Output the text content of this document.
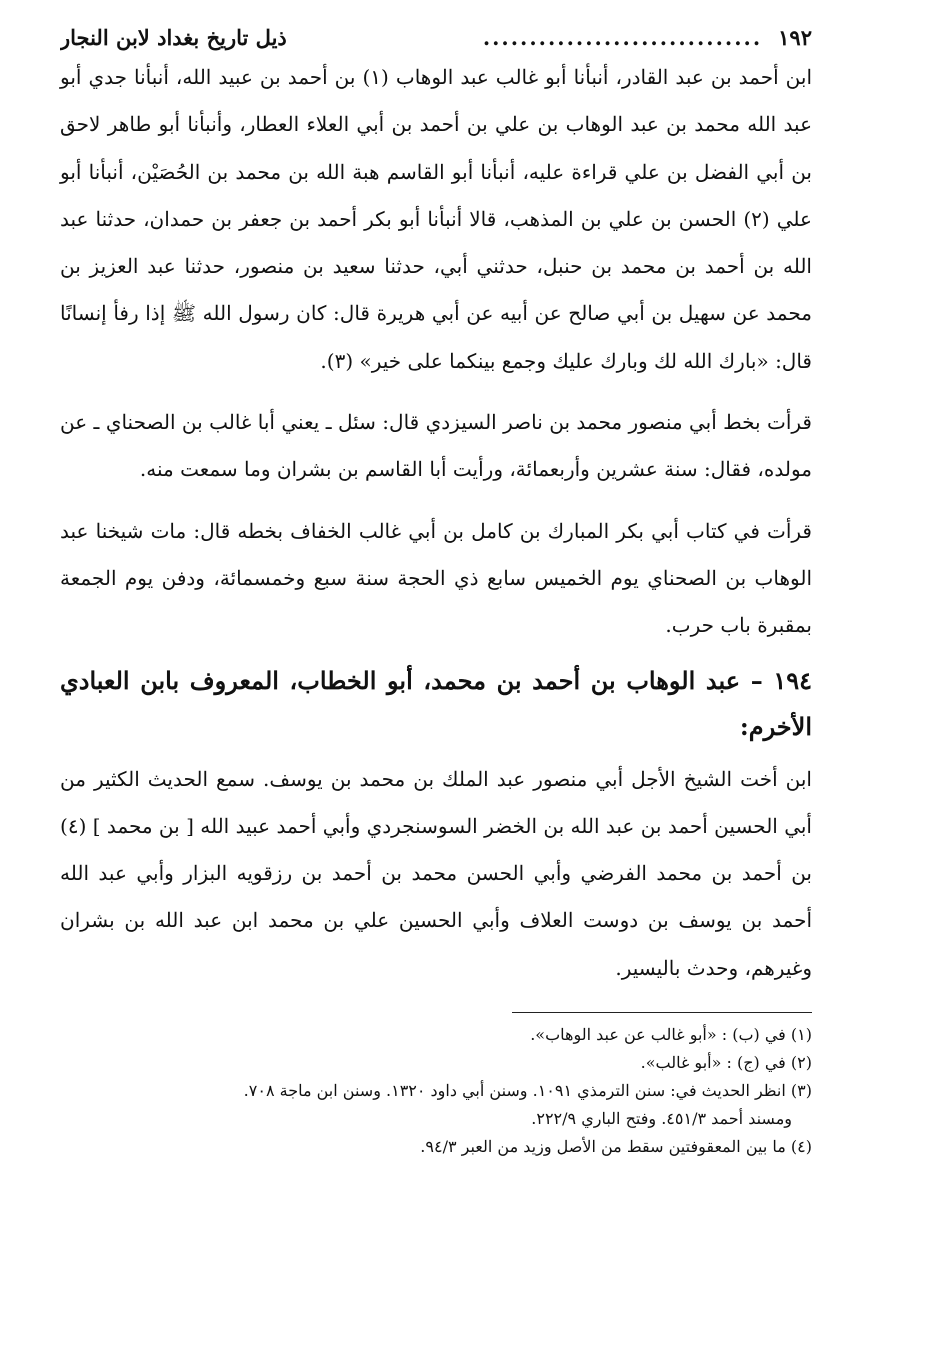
١٩٢
..............................
ذيل تاريخ بغداد لابن النجار

ابن أحمد بن عبد القادر، أنبأنا أبو غالب عبد الوهاب (١) بن أحمد بن عبيد الله، أنبأنا جدي أبو عبد الله محمد بن عبد الوهاب بن علي بن أحمد بن أبي العلاء العطار، وأنبأنا أبو طاهر لاحق بن أبي الفضل بن علي قراءة عليه، أنبأنا أبو القاسم هبة الله بن محمد بن الحُصَيْن، أنبأنا أبو علي (٢) الحسن بن علي بن المذهب، قالا أنبأنا أبو بكر أحمد بن جعفر بن حمدان، حدثنا عبد الله بن أحمد بن محمد بن حنبل، حدثني أبي، حدثنا سعيد بن منصور، حدثنا عبد العزيز بن محمد عن سهيل بن أبي صالح عن أبيه عن أبي هريرة قال: كان رسول الله ﷺ إذا رفأ إنسانًا قال: «بارك الله لك وبارك عليك وجمع بينكما على خير» (٣).

قرأت بخط أبي منصور محمد بن ناصر السيزدي قال: سئل ـ يعني أبا غالب بن الصحناي ـ عن مولده، فقال: سنة عشرين وأربعمائة، ورأيت أبا القاسم بن بشران وما سمعت منه.

قرأت في كتاب أبي بكر المبارك بن كامل بن أبي غالب الخفاف بخطه قال: مات شيخنا عبد الوهاب بن الصحناي يوم الخميس سابع ذي الحجة سنة سبع وخمسمائة، ودفن يوم الجمعة بمقبرة باب حرب.

١٩٤ – عبد الوهاب بن أحمد بن محمد، أبو الخطاب، المعروف بابن العبادي الأخرم:

ابن أخت الشيخ الأجل أبي منصور عبد الملك بن محمد بن يوسف. سمع الحديث الكثير من أبي الحسين أحمد بن عبد الله بن الخضر السوسنجردي وأبي أحمد عبيد الله [ بن محمد ] (٤) بن أحمد بن محمد الفرضي وأبي الحسن محمد بن أحمد بن رزقويه البزار وأبي عبد الله أحمد بن يوسف بن دوست العلاف وأبي الحسين علي بن محمد ابن عبد الله بن بشران وغيرهم، وحدث باليسير.

(١) في (ب) : «أبو غالب عن عبد الوهاب».

(٢) في (ج) : «أبو غالب».

(٣) انظر الحديث في: سنن الترمذي ١٠٩١. وسنن أبي داود ١٣٢٠. وسنن ابن ماجة ٧٠٨.

ومسند أحمد ٤٥١/٣. وفتح الباري ٢٢٢/٩.

(٤) ما بين المعقوفتين سقط من الأصل وزيد من العبر ٩٤/٣.
